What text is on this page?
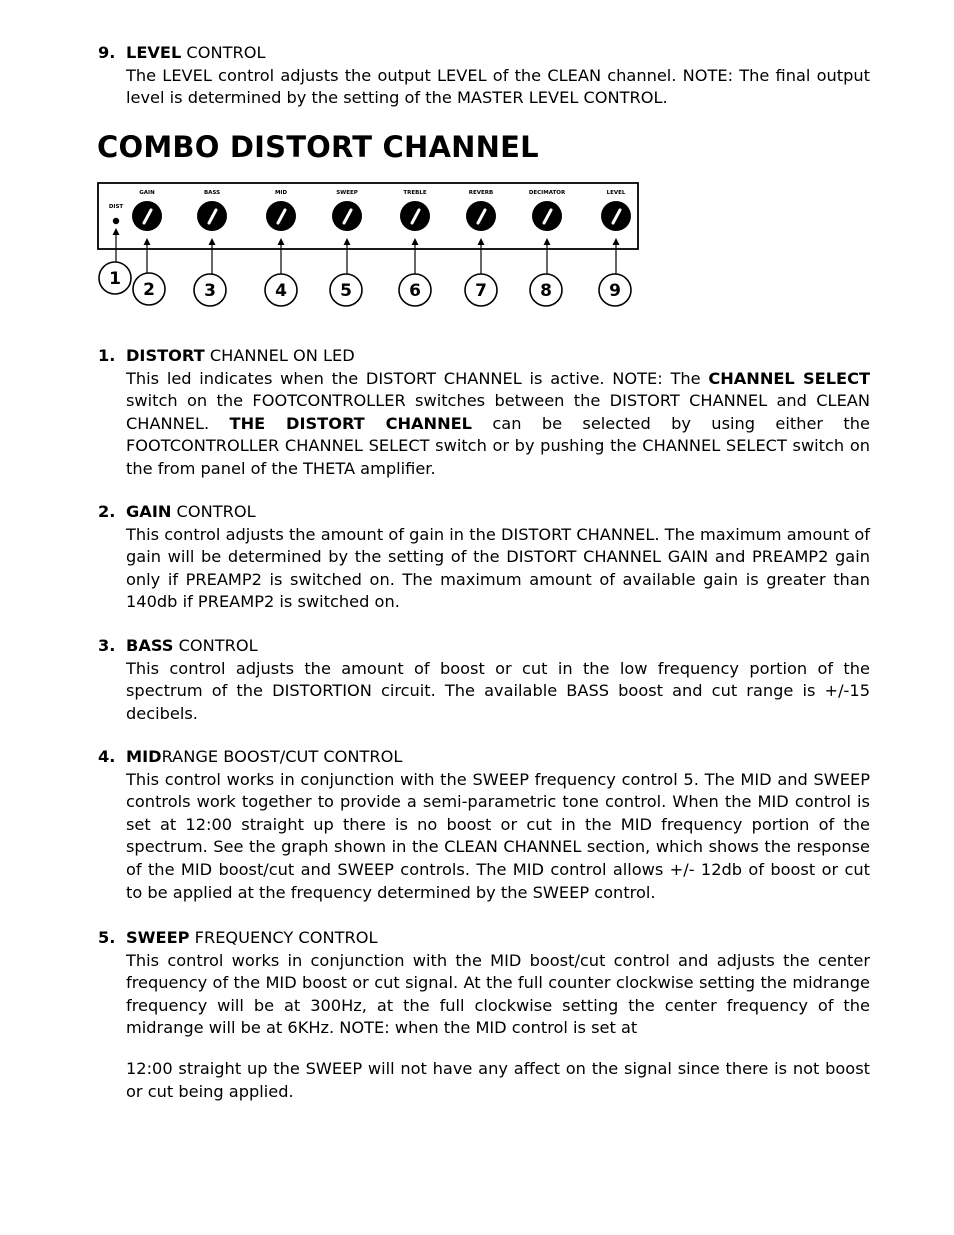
9. LEVEL CONTROL

The LEVEL control adjusts the output LEVEL of the CLEAN channel. NOTE: The final output level is determined by the setting of the MASTER LEVEL CONTROL.

COMBO DISTORT CHANNEL
DIST
GAIN	BASS	MID	SWEEP	TREBLE	REVERB	DECIMATOR	LEVEL
1
2	3	4	5	6	7	8	9
1. DISTORT CHANNEL ON LED

This led indicates when the DISTORT CHANNEL is active. NOTE: The CHANNEL SELECT switch on the FOOTCONTROLLER switches between the DISTORT CHANNEL and CLEAN CHANNEL. THE DISTORT CHANNEL can be selected by using either the FOOTCONTROLLER CHANNEL SELECT switch or by pushing the CHANNEL SELECT switch on the from panel of the THETA amplifier.

2. GAIN CONTROL

This control adjusts the amount of gain in the DISTORT CHANNEL. The maximum amount of gain will be determined by the setting of the DISTORT CHANNEL GAIN and PREAMP2 gain only if PREAMP2 is switched on. The maximum amount of available gain is greater than 140db if PREAMP2 is switched on.

3. BASS CONTROL

This control adjusts the amount of boost or cut in the low frequency portion of the spectrum of the DISTORTION circuit. The available BASS boost and cut range is +/-15 decibels.

4. MIDRANGE BOOST/CUT CONTROL

This control works in conjunction with the SWEEP frequency control 5. The MID and SWEEP controls work together to provide a semi-parametric tone control. When the MID control is set at 12:00 straight up there is no boost or cut in the MID frequency portion of the spectrum. See the graph shown in the CLEAN CHANNEL section, which shows the response of the MID boost/cut and SWEEP controls. The MID control allows +/- 12db of boost or cut to be applied at the frequency determined by the SWEEP control.

5. SWEEP FREQUENCY CONTROL

This control works in conjunction with the MID boost/cut control and adjusts the center frequency of the MID boost or cut signal. At the full counter clockwise setting the midrange frequency will be at 300Hz, at the full clockwise setting the center frequency of the midrange will be at 6KHz. NOTE: when the MID control is set at

12:00 straight up the SWEEP will not have any affect on the signal since there is not boost or cut being applied.
